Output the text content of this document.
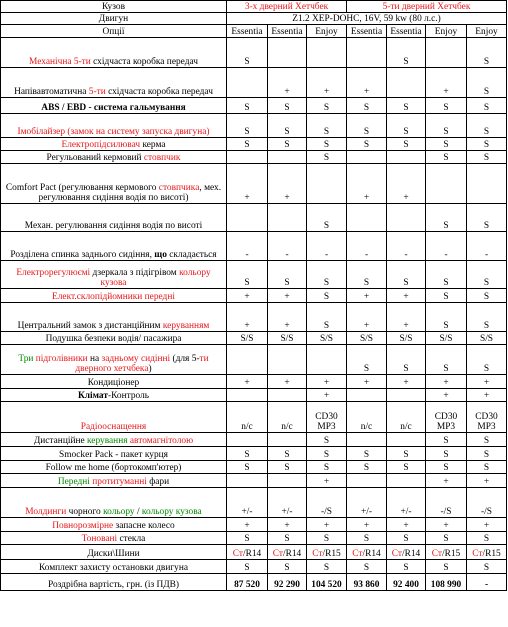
Кузов	3-х дверний Хетчбек			5-ти дверний Хетчбек			
Двигун	Z1.2 XEP-DOHC, 16V, 59 kw (80 л.с.)						
Опції	Essentia	Essentia	Enjoy	Essentia	Essentia	Enjoy	Enjoy
Механічна 5-ти східчаста коробка передач	S				S		S
Напівавтоматична 5-ти східчаста коробка передач		+	+	+		+	S
ABS / EBD - система гальмування	S	S	S	S	S	S	S
Імобілайзер (замок на систему запуска двигуна)	S	S	S	S	S	S	S
Електропідсилювач керма	S	S	S	S	S	S	S
Регульований кермовий стовпчик			S			S	S
Comfort Pact (регулювання кермового стовпчика, мех. регулювання сидіння водія по висоті)	+	+		+	+		
Механ. регулювання сидіння водія по висоті			S			S	S
Розділена спинка заднього сидіння, що складається	-	-	-	-	-	-	-
Електрорегулюємі дзеркала з підігрівом кольору кузова	S	S	S	S	S	S	S
Елект.склопідйомники передні	+	+	S	+	+	S	S
Центральний замок з дистанційним керуванням	+	+	S	+	+	S	S
Подушка безпеки водія/ пасажира	S/S	S/S	S/S	S/S	S/S	S/S	S/S
Три підголівники на задньому сидінні (для 5-ти дверного хетчбека)				S	S	S	S
Кондиціонер	+	+	+	+	+	+	+
Клімат-Контроль			+			+	+
Радіооснащення	n/c	n/c	CD30 MP3	n/c	n/c	CD30 MP3	CD30 MP3
Дистанційне керування автомагнітолою			S			S	S
Smocker Pack - пакет курця	S	S	S	S	S	S	S
Follow me home (бортокомп'ютер)	S	S	S	S	S	S	S
Передні протитуманні фари			+			+	+
Молдинги чорного кольору / кольору кузова	+/-	+/-	-/S	+/-	+/-	-/S	-/S
Повнорозмірне запасне колесо	+	+	+	+	+	+	+
Тоновані стекла	S	S	S	S	S	S	S
Диски\Шини	Ст/R14	Ст/R14	Ст/R15	Ст/R14	Ст/R14	Ст/R15	Ст/R15
Комплект захисту остановки двигуна	S	S	S	S	S	S	S
Роздрібна вартість, грн. (із ПДВ)	87 520	92 290	104 520	93 860	92 400	108 990	-
